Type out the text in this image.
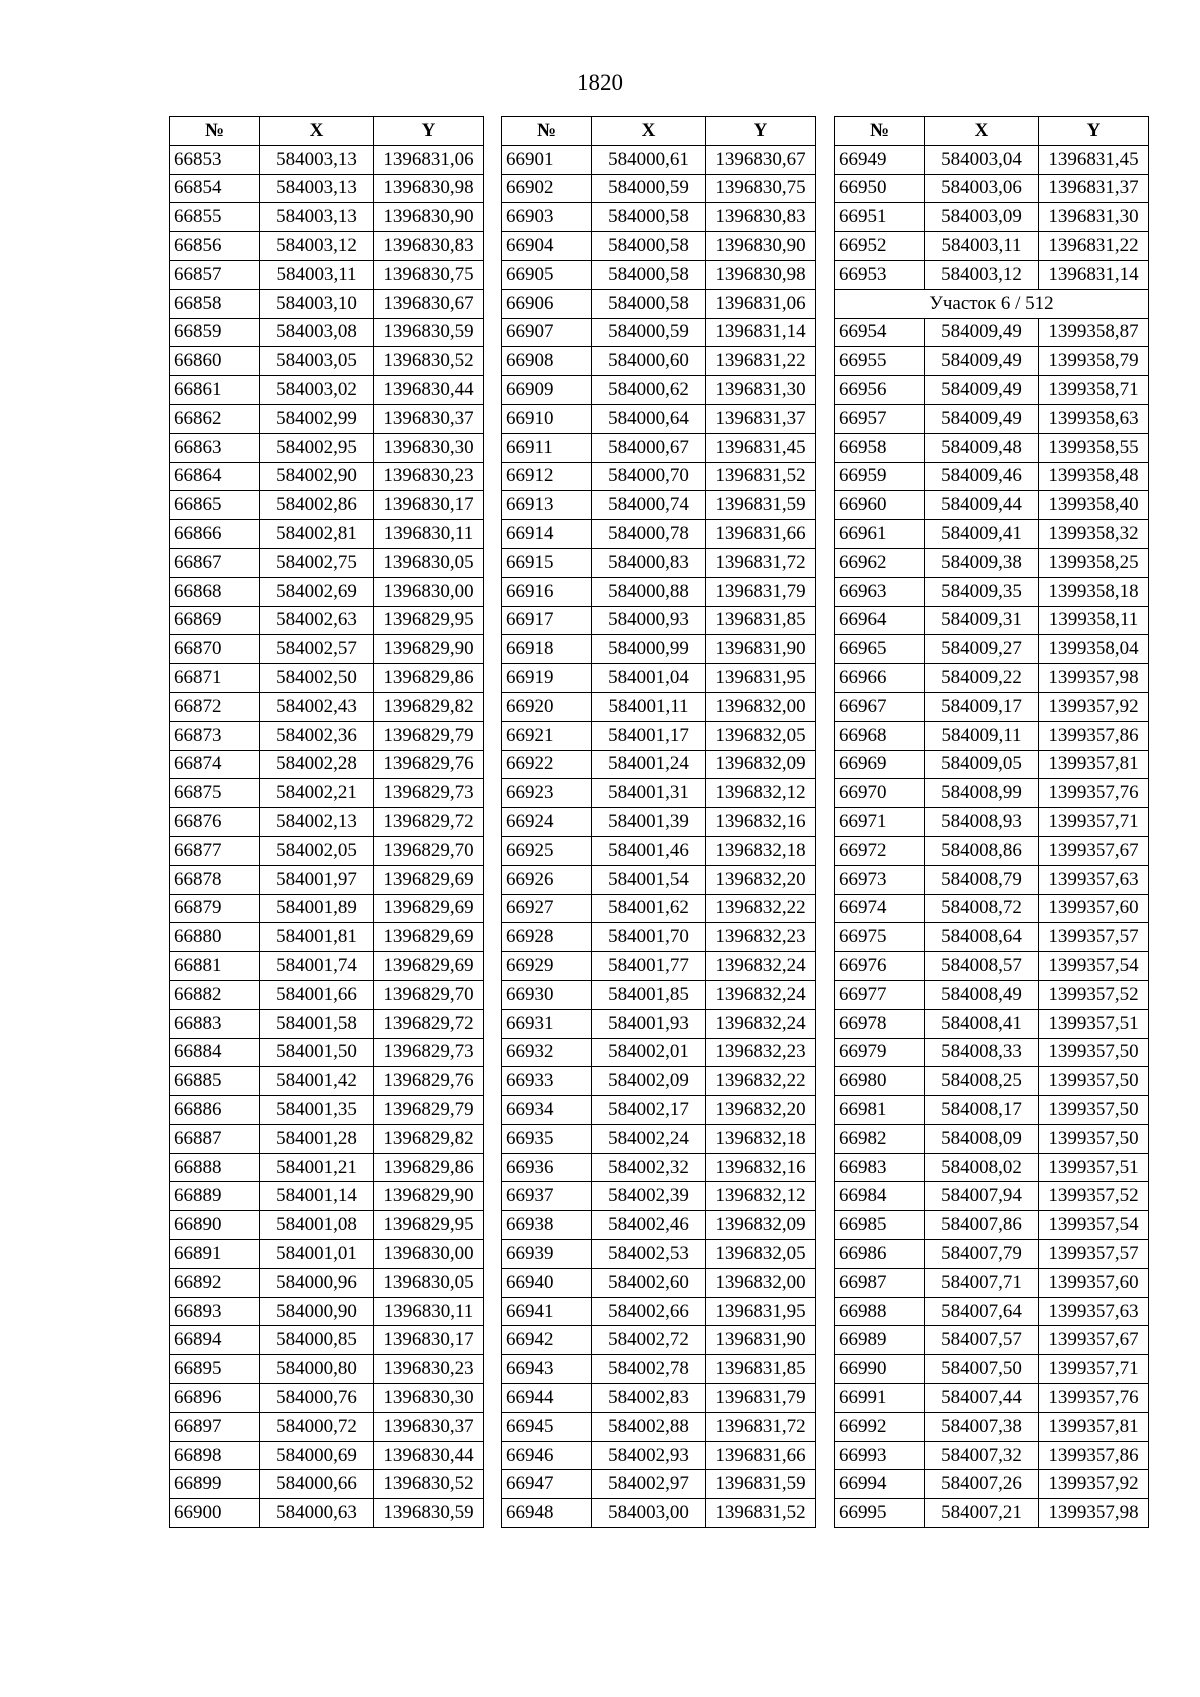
1820
№	X	Y
66853	584003,13	1396831,06
66854	584003,13	1396830,98
66855	584003,13	1396830,90
66856	584003,12	1396830,83
66857	584003,11	1396830,75
66858	584003,10	1396830,67
66859	584003,08	1396830,59
66860	584003,05	1396830,52
66861	584003,02	1396830,44
66862	584002,99	1396830,37
66863	584002,95	1396830,30
66864	584002,90	1396830,23
66865	584002,86	1396830,17
66866	584002,81	1396830,11
66867	584002,75	1396830,05
66868	584002,69	1396830,00
66869	584002,63	1396829,95
66870	584002,57	1396829,90
66871	584002,50	1396829,86
66872	584002,43	1396829,82
66873	584002,36	1396829,79
66874	584002,28	1396829,76
66875	584002,21	1396829,73
66876	584002,13	1396829,72
66877	584002,05	1396829,70
66878	584001,97	1396829,69
66879	584001,89	1396829,69
66880	584001,81	1396829,69
66881	584001,74	1396829,69
66882	584001,66	1396829,70
66883	584001,58	1396829,72
66884	584001,50	1396829,73
66885	584001,42	1396829,76
66886	584001,35	1396829,79
66887	584001,28	1396829,82
66888	584001,21	1396829,86
66889	584001,14	1396829,90
66890	584001,08	1396829,95
66891	584001,01	1396830,00
66892	584000,96	1396830,05
66893	584000,90	1396830,11
66894	584000,85	1396830,17
66895	584000,80	1396830,23
66896	584000,76	1396830,30
66897	584000,72	1396830,37
66898	584000,69	1396830,44
66899	584000,66	1396830,52
66900	584000,63	1396830,59
№	X	Y
66901	584000,61	1396830,67
66902	584000,59	1396830,75
66903	584000,58	1396830,83
66904	584000,58	1396830,90
66905	584000,58	1396830,98
66906	584000,58	1396831,06
66907	584000,59	1396831,14
66908	584000,60	1396831,22
66909	584000,62	1396831,30
66910	584000,64	1396831,37
66911	584000,67	1396831,45
66912	584000,70	1396831,52
66913	584000,74	1396831,59
66914	584000,78	1396831,66
66915	584000,83	1396831,72
66916	584000,88	1396831,79
66917	584000,93	1396831,85
66918	584000,99	1396831,90
66919	584001,04	1396831,95
66920	584001,11	1396832,00
66921	584001,17	1396832,05
66922	584001,24	1396832,09
66923	584001,31	1396832,12
66924	584001,39	1396832,16
66925	584001,46	1396832,18
66926	584001,54	1396832,20
66927	584001,62	1396832,22
66928	584001,70	1396832,23
66929	584001,77	1396832,24
66930	584001,85	1396832,24
66931	584001,93	1396832,24
66932	584002,01	1396832,23
66933	584002,09	1396832,22
66934	584002,17	1396832,20
66935	584002,24	1396832,18
66936	584002,32	1396832,16
66937	584002,39	1396832,12
66938	584002,46	1396832,09
66939	584002,53	1396832,05
66940	584002,60	1396832,00
66941	584002,66	1396831,95
66942	584002,72	1396831,90
66943	584002,78	1396831,85
66944	584002,83	1396831,79
66945	584002,88	1396831,72
66946	584002,93	1396831,66
66947	584002,97	1396831,59
66948	584003,00	1396831,52
№	X	Y
66949	584003,04	1396831,45
66950	584003,06	1396831,37
66951	584003,09	1396831,30
66952	584003,11	1396831,22
66953	584003,12	1396831,14
Участок 6 / 512		
66954	584009,49	1399358,87
66955	584009,49	1399358,79
66956	584009,49	1399358,71
66957	584009,49	1399358,63
66958	584009,48	1399358,55
66959	584009,46	1399358,48
66960	584009,44	1399358,40
66961	584009,41	1399358,32
66962	584009,38	1399358,25
66963	584009,35	1399358,18
66964	584009,31	1399358,11
66965	584009,27	1399358,04
66966	584009,22	1399357,98
66967	584009,17	1399357,92
66968	584009,11	1399357,86
66969	584009,05	1399357,81
66970	584008,99	1399357,76
66971	584008,93	1399357,71
66972	584008,86	1399357,67
66973	584008,79	1399357,63
66974	584008,72	1399357,60
66975	584008,64	1399357,57
66976	584008,57	1399357,54
66977	584008,49	1399357,52
66978	584008,41	1399357,51
66979	584008,33	1399357,50
66980	584008,25	1399357,50
66981	584008,17	1399357,50
66982	584008,09	1399357,50
66983	584008,02	1399357,51
66984	584007,94	1399357,52
66985	584007,86	1399357,54
66986	584007,79	1399357,57
66987	584007,71	1399357,60
66988	584007,64	1399357,63
66989	584007,57	1399357,67
66990	584007,50	1399357,71
66991	584007,44	1399357,76
66992	584007,38	1399357,81
66993	584007,32	1399357,86
66994	584007,26	1399357,92
66995	584007,21	1399357,98
